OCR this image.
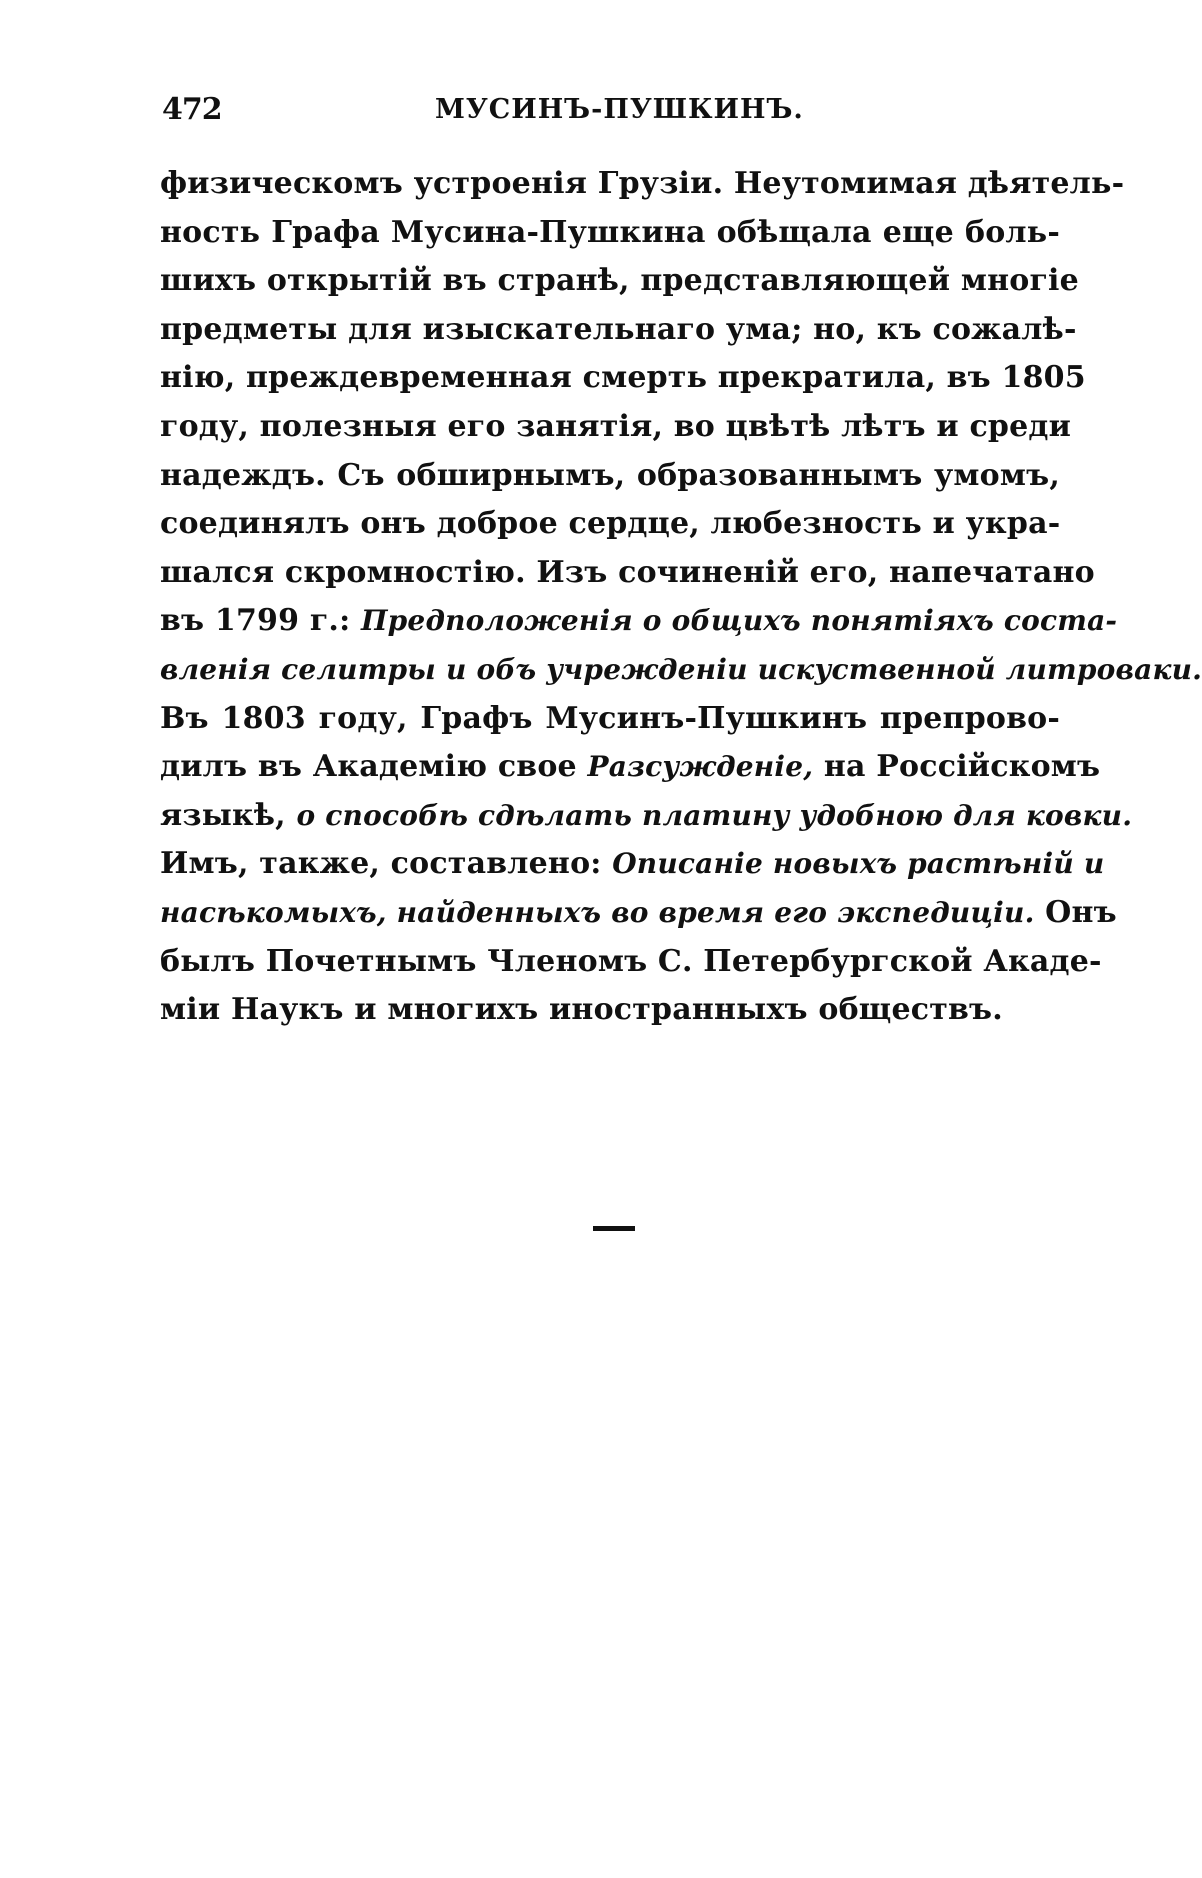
472	МУСИНЪ-ПУШКИНЪ.
физическомъ устроенія Грузіи. Неутомимая дѣятель-
ность Графа Мусина-Пушкина обѣщала еще боль-
шихъ открытій въ странѣ, представляющей многіе
предметы для изыскательнаго ума; но, къ сожалѣ-
нію, преждевременная смерть прекратила, въ 1805
году, полезныя его занятія, во цвѣтѣ лѣтъ и среди
надеждъ. Съ обширнымъ, образованнымъ умомъ,
соединялъ онъ доброе сердце, любезность и укра-
шался скромностію. Изъ сочиненій его, напечатано
въ 1799 г.: Предположенія о общихъ понятіяхъ соста-
вленія селитры и объ учрежденіи искуственной литроваки.
Въ 1803 году, Графъ Мусинъ-Пушкинъ препрово-
дилъ въ Академію свое Разсужденіе, на Россійскомъ
языкѣ, о способѣ сдѣлать платину удобною для ковки.
Имъ, также, составлено: Описаніе новыхъ растѣній и
насѣкомыхъ, найденныхъ во время его экспедиціи. Онъ
былъ Почетнымъ Членомъ С. Петербургской Акаде-
міи Наукъ и многихъ иностранныхъ обществъ.
